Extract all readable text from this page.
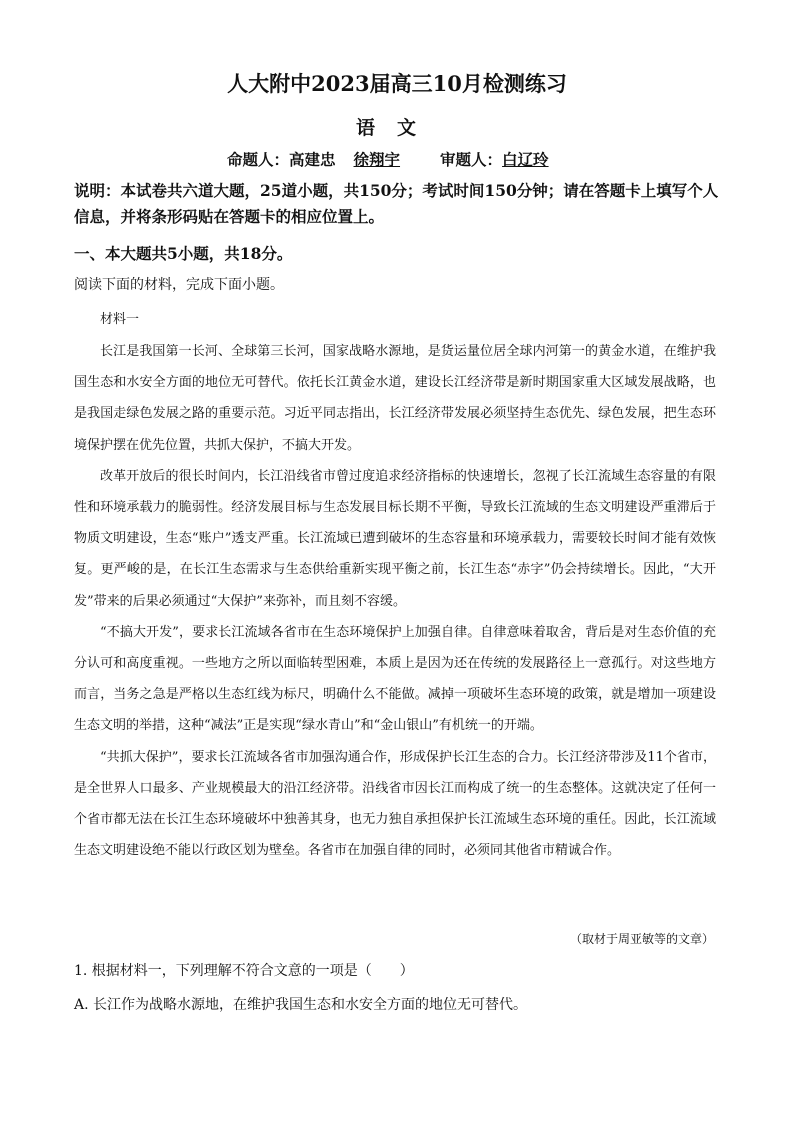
人大附中2023届高三10月检测练习
语文
命题人：高建忠 徐翔宇	审题人：白辽玲
说明：本试卷共六道大题，25道小题，共150分；考试时间150分钟；请在答题卡上填写个人信息，并将条形码贴在答题卡的相应位置上。
一、本大题共5小题，共18分。
阅读下面的材料，完成下面小题。
材料一

长江是我国第一长河、全球第三长河，国家战略水源地，是货运量位居全球内河第一的黄金水道，在维护我国生态和水安全方面的地位无可替代。依托长江黄金水道，建设长江经济带是新时期国家重大区域发展战略，也是我国走绿色发展之路的重要示范。习近平同志指出，长江经济带发展必须坚持生态优先、绿色发展，把生态环境保护摆在优先位置，共抓大保护，不搞大开发。

改革开放后的很长时间内，长江沿线省市曾过度追求经济指标的快速增长，忽视了长江流域生态容量的有限性和环境承载力的脆弱性。经济发展目标与生态发展目标长期不平衡，导致长江流域的生态文明建设严重滞后于物质文明建设，生态“账户”透支严重。长江流域已遭到破坏的生态容量和环境承载力，需要较长时间才能有效恢复。更严峻的是，在长江生态需求与生态供给重新实现平衡之前，长江生态“赤字”仍会持续增长。因此，“大开发”带来的后果必须通过“大保护”来弥补，而且刻不容缓。

“不搞大开发”，要求长江流域各省市在生态环境保护上加强自律。自律意味着取舍，背后是对生态价值的充分认可和高度重视。一些地方之所以面临转型困难，本质上是因为还在传统的发展路径上一意孤行。对这些地方而言，当务之急是严格以生态红线为标尺，明确什么不能做。减掉一项破坏生态环境的政策，就是增加一项建设生态文明的举措，这种“减法”正是实现“绿水青山”和“金山银山”有机统一的开端。

“共抓大保护”，要求长江流域各省市加强沟通合作，形成保护长江生态的合力。长江经济带涉及11个省市，是全世界人口最多、产业规模最大的沿江经济带。沿线省市因长江而构成了统一的生态整体。这就决定了任何一个省市都无法在长江生态环境破坏中独善其身，也无力独自承担保护长江流域生态环境的重任。因此，长江流域生态文明建设绝不能以行政区划为壁垒。各省市在加强自律的同时，必须同其他省市精诚合作。

（取材于周亚敏等的文章）
1. 根据材料一，下列理解不符合文意的一项是（　　）
A. 长江作为战略水源地，在维护我国生态和水安全方面的地位无可替代。
